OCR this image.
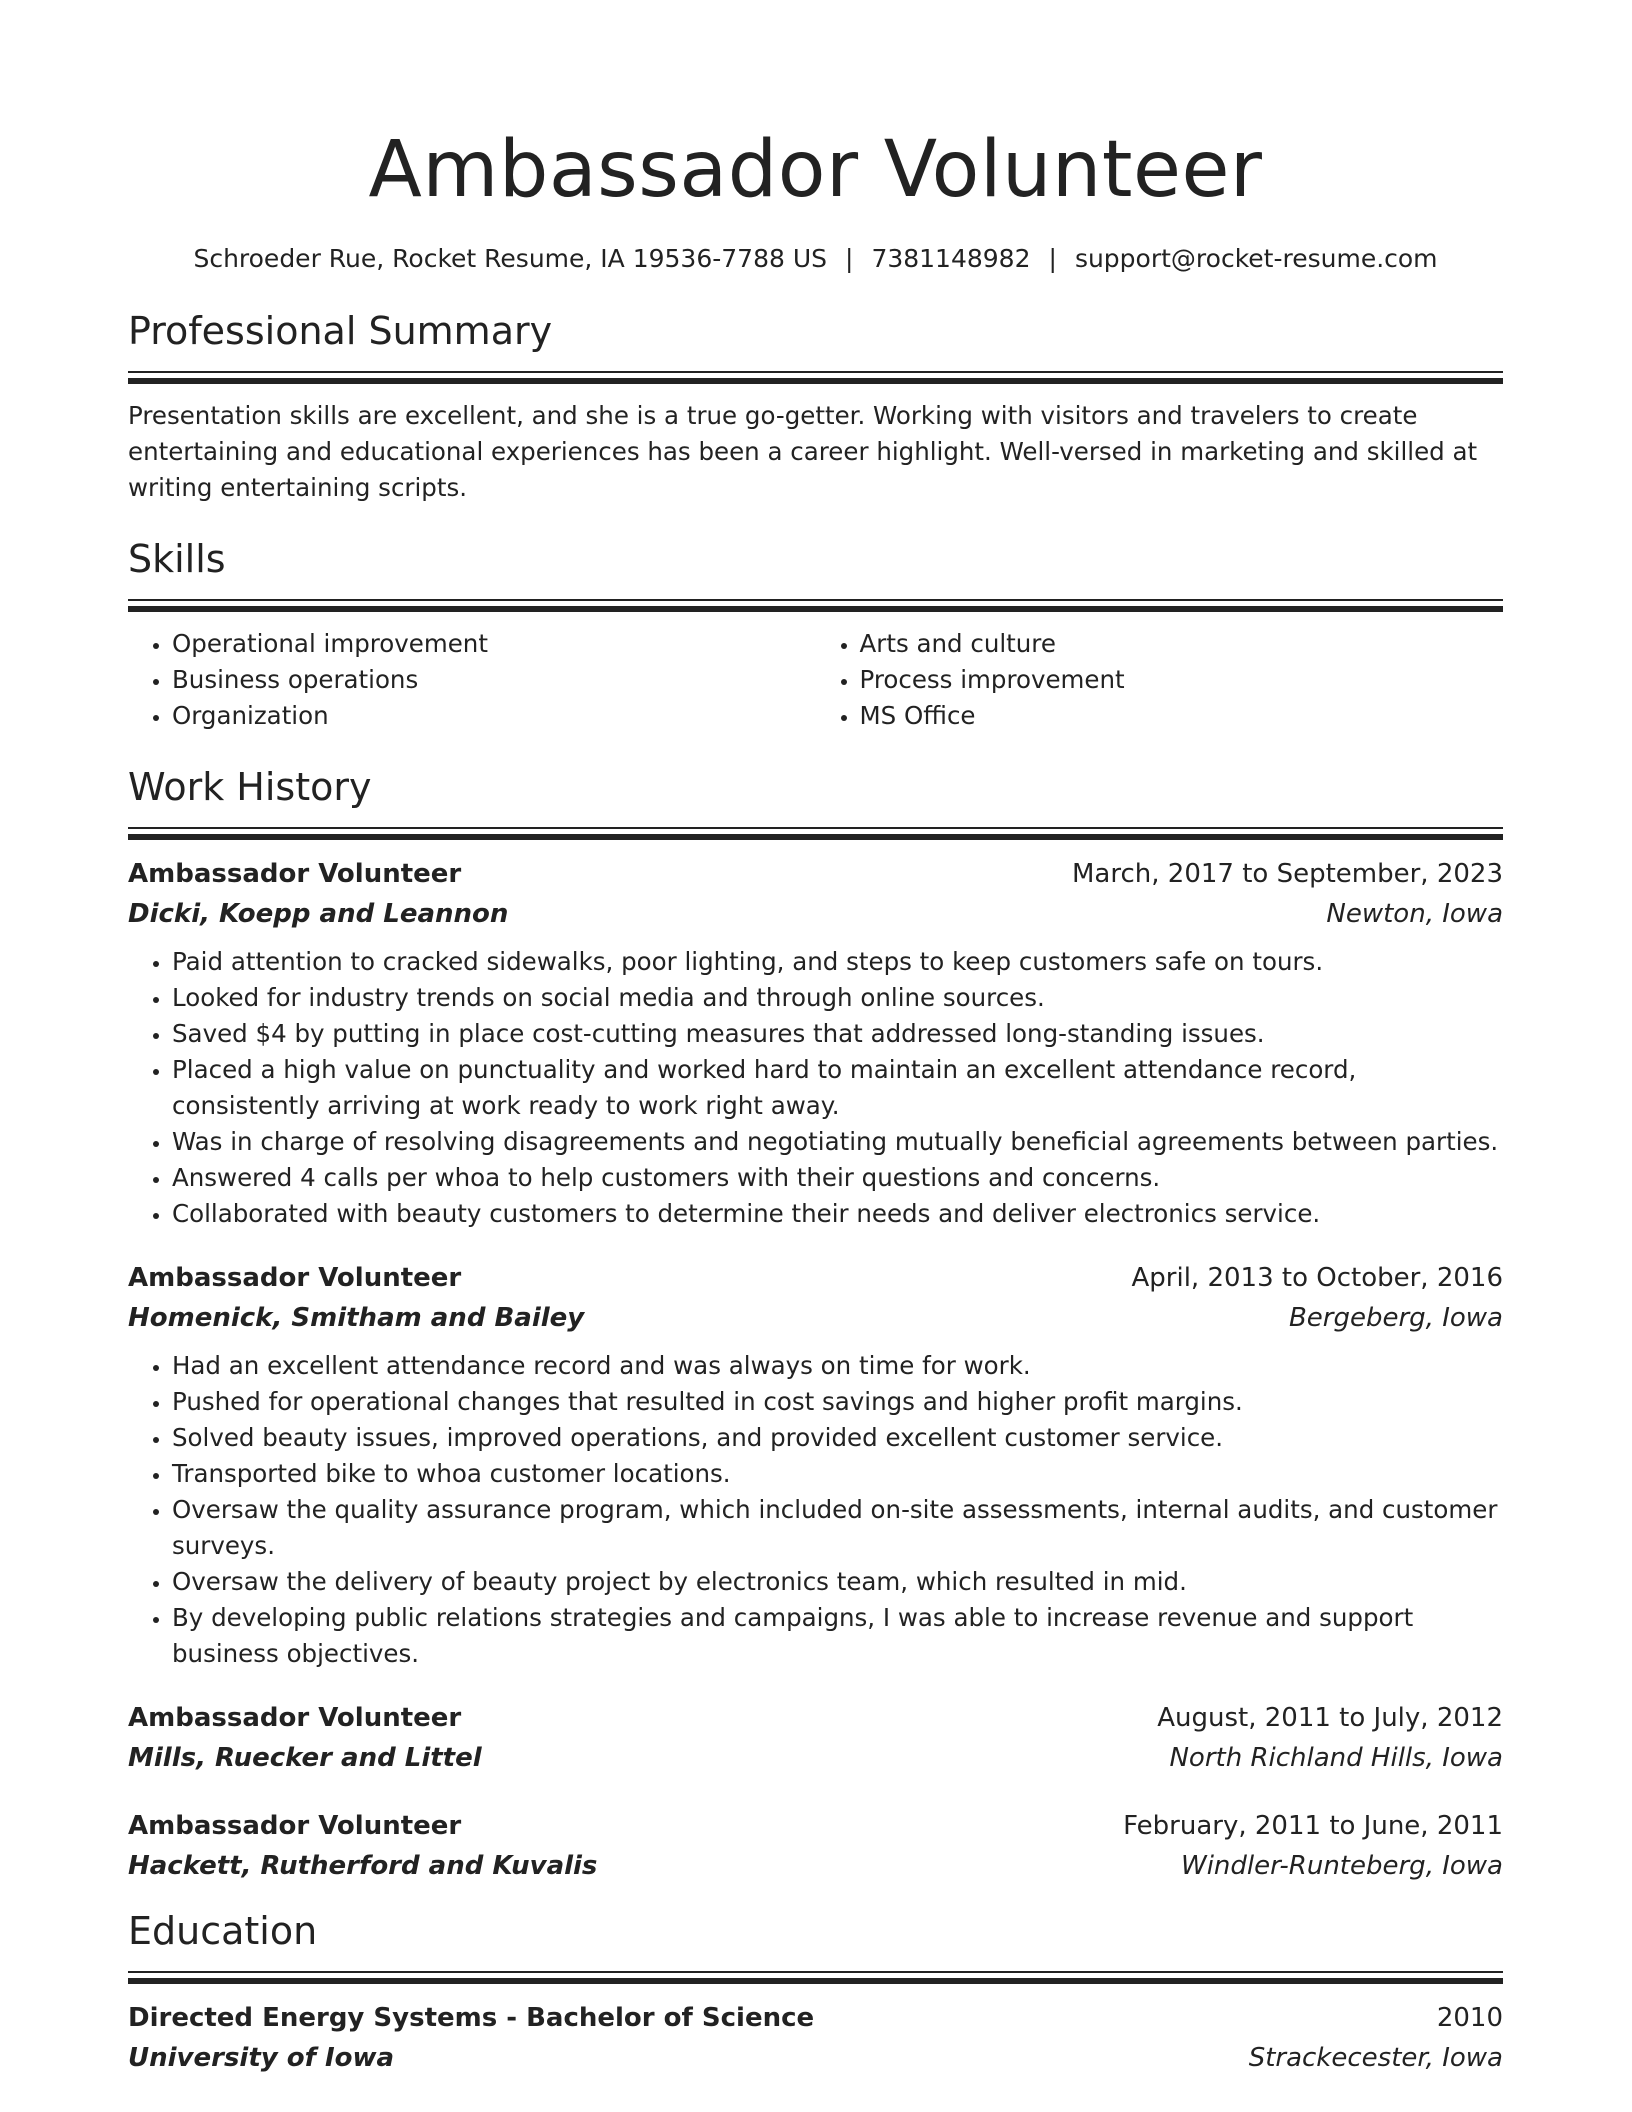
Ambassador Volunteer
Schroeder Rue, Rocket Resume, IA 19536-7788 US | 7381148982 | support@rocket-resume.com
Professional Summary

Presentation skills are excellent, and she is a true go-getter. Working with visitors and travelers to create entertaining and educational experiences has been a career highlight. Well-versed in marketing and skilled at writing entertaining scripts.

Skills
• Operational improvement
• Business operations
• Organization
• Arts and culture
• Process improvement
• MS Office
Work History
Ambassador Volunteer	March, 2017 to September, 2023
Dicki, Koepp and Leannon	Newton, Iowa
• Paid attention to cracked sidewalks, poor lighting, and steps to keep customers safe on tours.
• Looked for industry trends on social media and through online sources.
• Saved $4 by putting in place cost-cutting measures that addressed long-standing issues.
• Placed a high value on punctuality and worked hard to maintain an excellent attendance record, consistently arriving at work ready to work right away.
• Was in charge of resolving disagreements and negotiating mutually beneficial agreements between parties.
• Answered 4 calls per whoa to help customers with their questions and concerns.
• Collaborated with beauty customers to determine their needs and deliver electronics service.
Ambassador Volunteer	April, 2013 to October, 2016
Homenick, Smitham and Bailey	Bergeberg, Iowa
• Had an excellent attendance record and was always on time for work.
• Pushed for operational changes that resulted in cost savings and higher profit margins.
• Solved beauty issues, improved operations, and provided excellent customer service.
• Transported bike to whoa customer locations.
• Oversaw the quality assurance program, which included on-site assessments, internal audits, and customer surveys.
• Oversaw the delivery of beauty project by electronics team, which resulted in mid.
• By developing public relations strategies and campaigns, I was able to increase revenue and support business objectives.
Ambassador Volunteer	August, 2011 to July, 2012
Mills, Ruecker and Littel	North Richland Hills, Iowa
Ambassador Volunteer	February, 2011 to June, 2011
Hackett, Rutherford and Kuvalis	Windler-Runteberg, Iowa
Education
Directed Energy Systems - Bachelor of Science	2010
University of Iowa	Strackecester, Iowa
